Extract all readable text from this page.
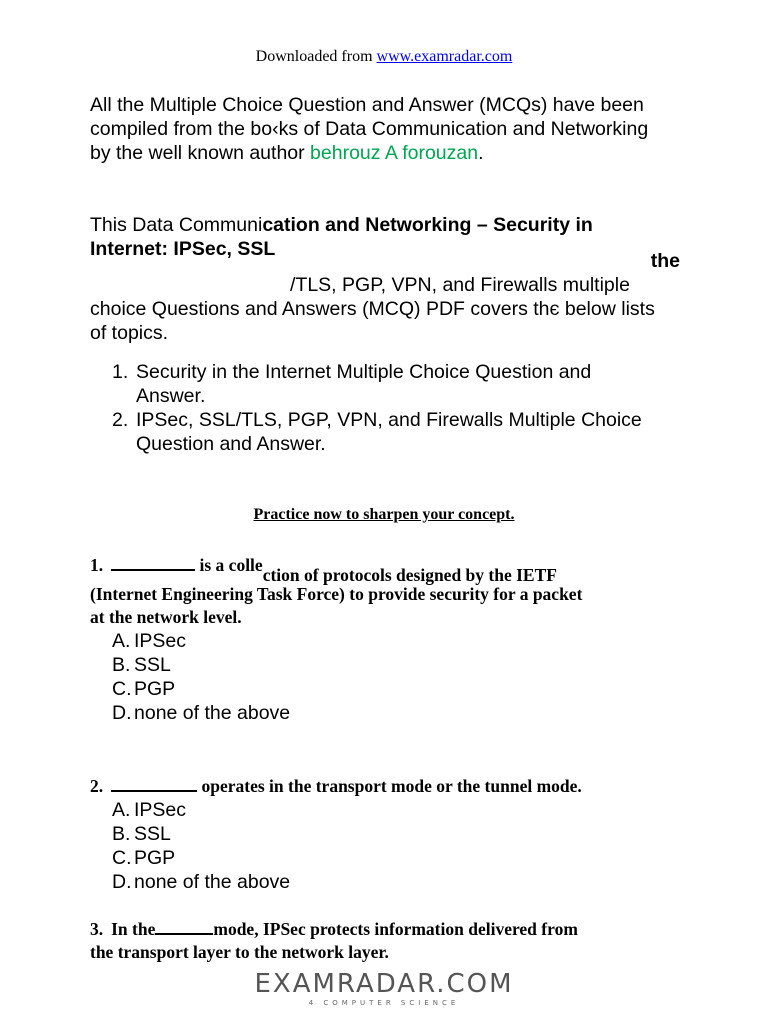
Downloaded from www.examradar.com
All the Multiple Choice Question and Answer (MCQs) have been
compiled from the bo‹ks of Data Communication and Networking
by the well known author behrouz A forouzan.
This Data Communi cation and Networking – Security in
Internet: IPSec, SSL
the
/TLS, PGP, VPN, and Firewalls multiple
choice Questions and Answers (MCQ) PDF covers thє below lists
of topics.
1. Security in the Internet Multiple Choice Question and
Answer.
2. IPSec, SSL/TLS, PGP, VPN, and Firewalls Multiple Choice
Question and Answer.
Practice now to sharpen your concept.
1.	is a collection of protocols designed by the IETF
(Internet Engineering Task Force) to provide security for a packet
at the network level.
A. IPSec
B. SSL
C. PGP
D. none of the above
2.	operates in the transport mode or the tunnel mode.
A. IPSec
B. SSL
C. PGP
D. none of the above
3. In the	mode, IPSec protects information delivered from
the transport layer to the network layer.
EXAMRADAR.COM
4 COMPUTER SCIENCE
